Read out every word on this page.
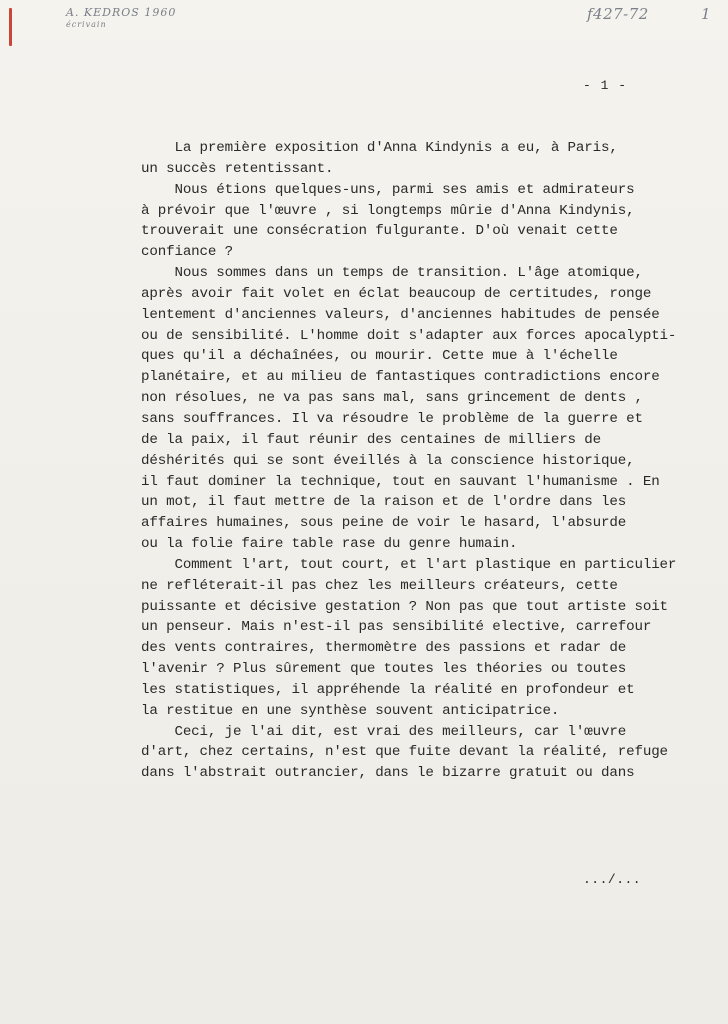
A. KEDROS 1960
écrivain
f427-72	1
- 1 -
La première exposition d'Anna Kindynis a eu, à Paris,
un succès retentissant.
Nous étions quelques-uns, parmi ses amis et admirateurs
à prévoir que l'œuvre , si longtemps mûrie d'Anna Kindynis,
trouverait une consécration fulgurante. D'où venait cette
confiance ?
Nous sommes dans un temps de transition. L'âge atomique,
après avoir fait volet en éclat beaucoup de certitudes, ronge
lentement d'anciennes valeurs, d'anciennes habitudes de pensée
ou de sensibilité. L'homme doit s'adapter aux forces apocalypti-
ques qu'il a déchaînées, ou mourir. Cette mue à l'échelle
planétaire, et au milieu de fantastiques contradictions encore
non résolues, ne va pas sans mal, sans grincement de dents ,
sans souffrances. Il va résoudre le problème de la guerre et
de la paix, il faut réunir des centaines de milliers de
déshérités qui se sont éveillés à la conscience historique,
il faut dominer la technique, tout en sauvant l'humanisme . En
un mot, il faut mettre de la raison et de l'ordre dans les
affaires humaines, sous peine de voir le hasard, l'absurde
ou la folie faire table rase du genre humain.
Comment l'art, tout court, et l'art plastique en particulier
ne refléterait-il pas chez les meilleurs créateurs, cette
puissante et décisive gestation ? Non pas que tout artiste soit
un penseur. Mais n'est-il pas sensibilité elective, carrefour
des vents contraires, thermomètre des passions et radar de
l'avenir ? Plus sûrement que toutes les théories ou toutes
les statistiques, il appréhende la réalité en profondeur et
la restitue en une synthèse souvent anticipatrice.
Ceci, je l'ai dit, est vrai des meilleurs, car l'œuvre
d'art, chez certains, n'est que fuite devant la réalité, refuge
dans l'abstrait outrancier, dans le bizarre gratuit ou dans
.../...
